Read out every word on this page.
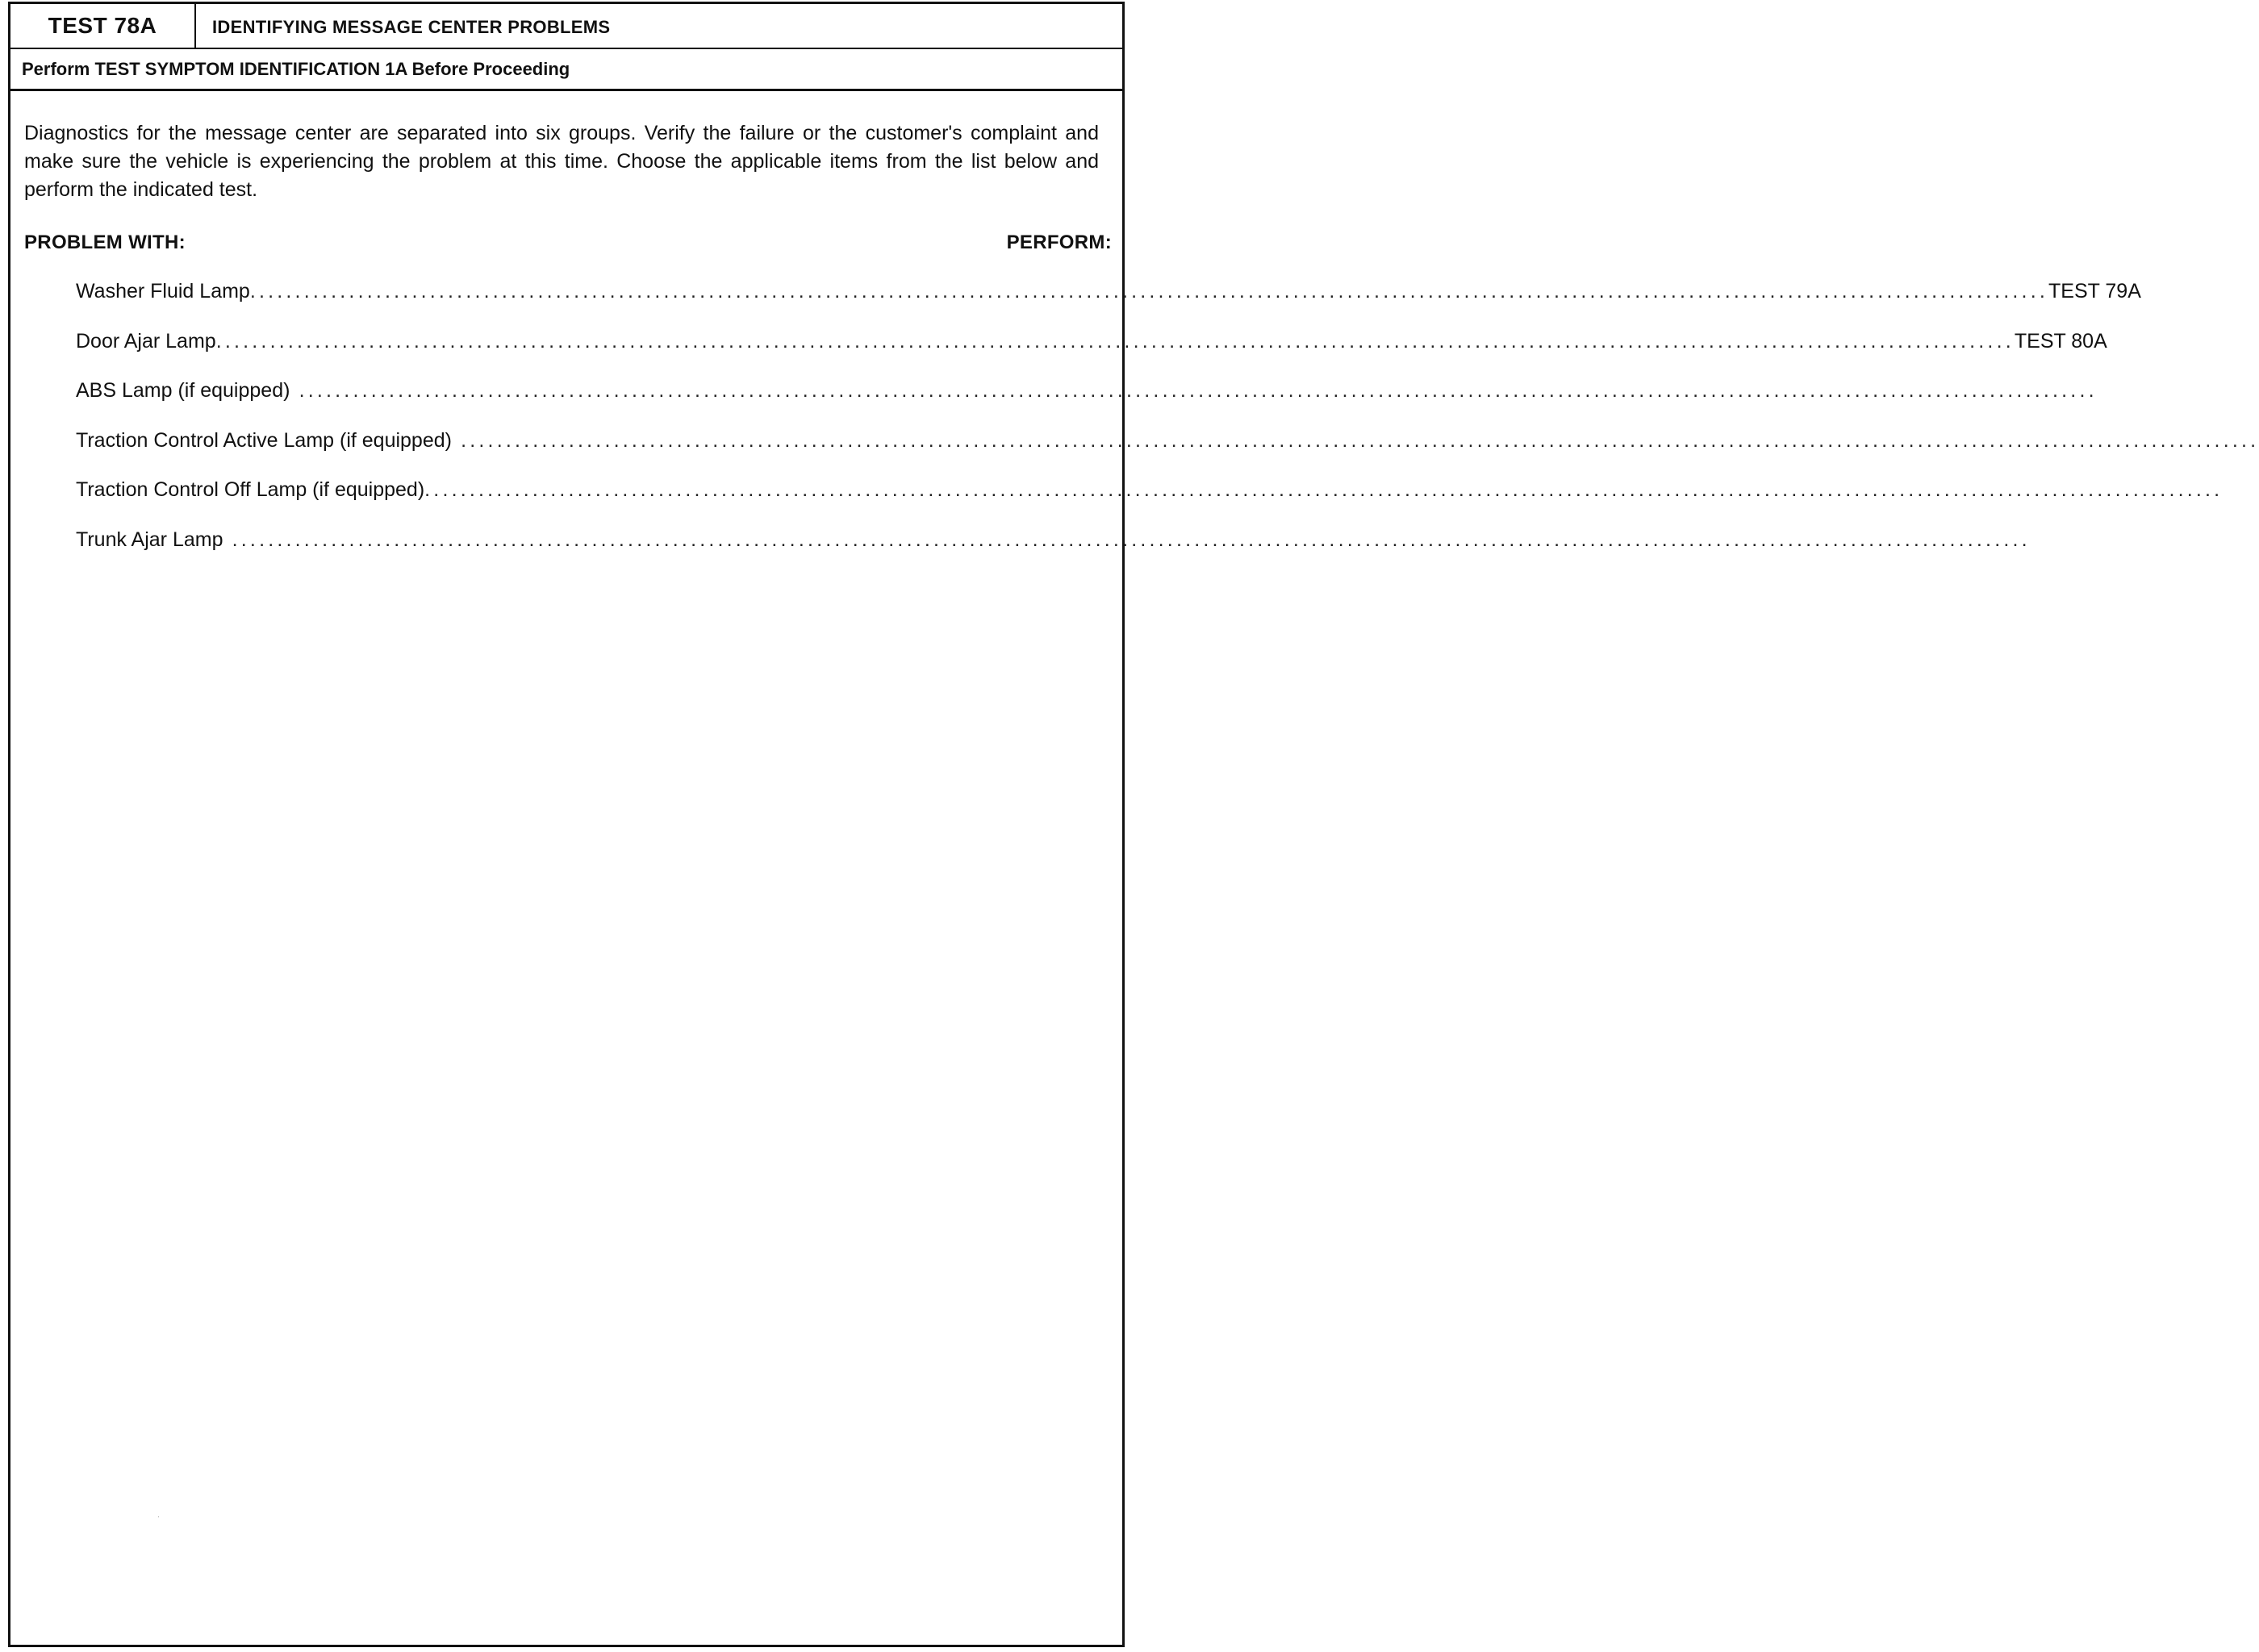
TEST 78A	IDENTIFYING MESSAGE CENTER PROBLEMS
Perform TEST SYMPTOM IDENTIFICATION 1A Before Proceeding

Diagnostics for the message center are separated into six groups. Verify the failure or the customer's complaint and make sure the vehicle is experiencing the problem at this time. Choose the applicable items from the list below and perform the indicated test.

PROBLEM WITH:	PERFORM:
Washer Fluid Lamp ........................................................................................................................................................................................................ TEST 79A
Door Ajar Lamp ........................................................................................................................................................................................................ TEST 80A
ABS Lamp (if equipped) ........................................................................................................................................................................................................
Traction Control Active Lamp (if equipped) ........................................................................................................................................................................................................
Traction Control Off Lamp (if equipped) ........................................................................................................................................................................................................
Trunk Ajar Lamp ........................................................................................................................................................................................................
